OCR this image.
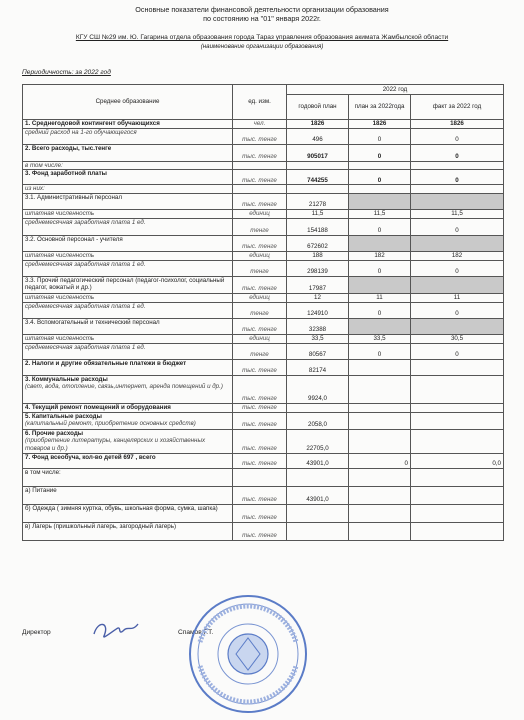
Основные показатели финансовой деятельности организации образования
по состоянию на "01" января 2022г.
КГУ СШ №29 им. Ю. Гагарина отдела образования города Тараз управления образования акимата Жамбылской области
(наименование организации образования)
Периодичность: за 2022 год
Среднее образование	ед. изм.	2022 год		
		годовой план	план за 2022года	факт за 2022 год
1. Среднегодовой контингент обучающихся	чел.	1826	1826	1826
средний расход на 1-го обучающегося	тыс. тенге	496	0	0
2. Всего расходы, тыс.тенге	тыс. тенге	905017	0	0
в том числе:				
3. Фонд заработной платы	тыс. тенге	744255	0	0
из них:				
3.1. Административный персонал	тыс. тенге	21278		
штатная численность	единиц	11,5	11,5	11,5
среднемесячная заработная плата 1 ед.	тенге	154188	0	0
3.2. Основной персонал - учителя	тыс. тенге	672602		
штатная численность	единиц	188	182	182
среднемесячная заработная плата 1 ед.	тенге	298139	0	0
3.3. Прочий педагогический персонал (педагог-психолог, социальный педагог, вожатый и др.)	тыс. тенге	17987		
штатная численность	единиц	12	11	11
среднемесячная заработная плата 1 ед.	тенге	124910	0	0
3.4. Вспомогательный и технический персонал	тыс. тенге	32388		
штатная численность	единиц	33,5	33,5	30,5
среднемесячная заработная плата 1 ед.	тенге	80567	0	0
2. Налоги и другие обязательные платежи в бюджет	тыс. тенге	82174		
3. Коммунальные расходы
(свет, вода, отопление, связь,интернет, аренда помещений и др.)	тыс. тенге	9924,0		
4. Текущий ремонт помещений и оборудования	тыс. тенге			
5. Капитальные расходы
(капитальный ремонт, приобретение основных средств)	тыс. тенге	2058,0		
6. Прочие расходы
(приобретение литературы, канцелярских и хозяйственных товаров и др.)	тыс. тенге	22705,0		
7. Фонд всеобуча, кол-во детей 697 , всего	тыс. тенге	43901,0	0	0,0
в том числе:				
а) Питание	тыс. тенге	43901,0		
б) Одежда ( зимняя куртка, обувь, школьная форма, сумка, шапка)	тыс. тенге			
в) Лагерь (пришкольный лагерь, загородный лагерь)	тыс. тенге			
Директор	Спамов Г.Т.
